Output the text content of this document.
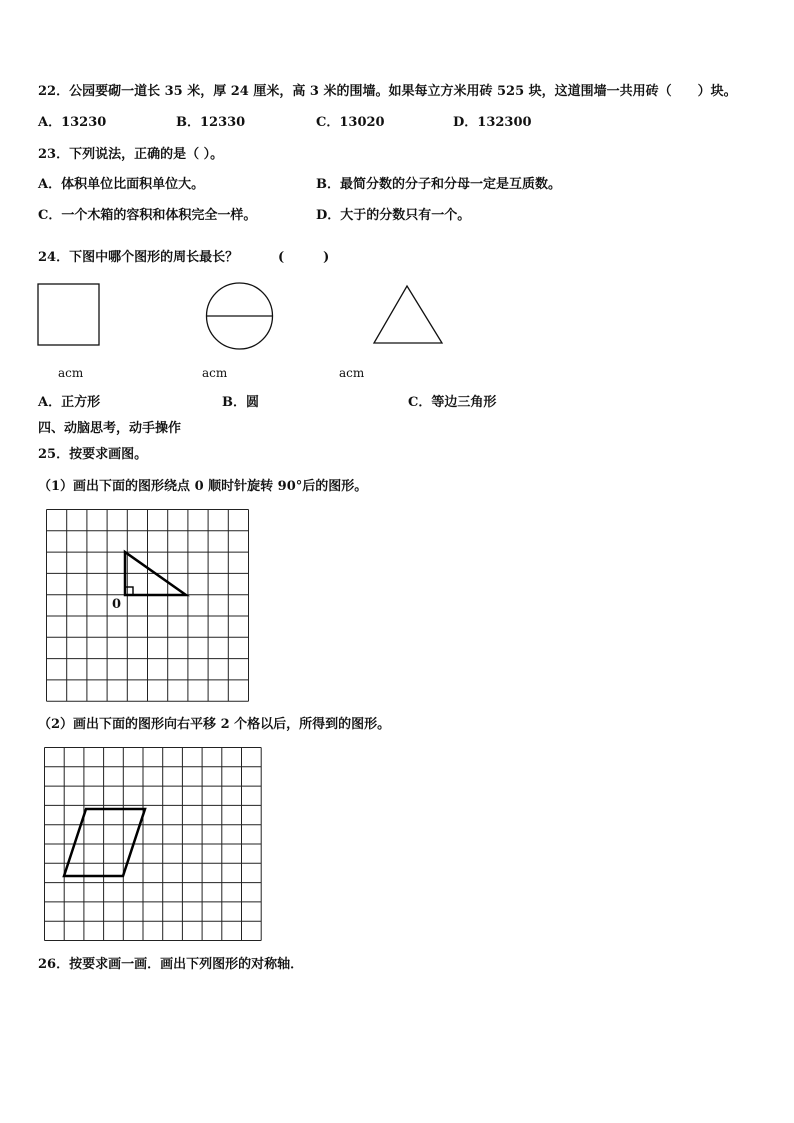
22．公园要砌一道长 35 米，厚 24 厘米，高 3 米的围墙。如果每立方米用砖 525 块，这道围墙一共用砖（　　）块。
A．13230	B．12330	C．13020	D．132300
23．下列说法，正确的是（ ）。
A．体积单位比面积单位大。	B．最简分数的分子和分母一定是互质数。
C．一个木箱的容积和体积完全一样。	D．大于的分数只有一个。
24．下图中哪个图形的周长最长？	(　　　)
acm	acm	acm
A．正方形	B．圆	C．等边三角形
四、动脑思考，动手操作
25．按要求画图。
（1）画出下面的图形绕点 0 顺时针旋转 90°后的图形。
0
（2）画出下面的图形向右平移 2 个格以后，所得到的图形。
26．按要求画一画．画出下列图形的对称轴．
